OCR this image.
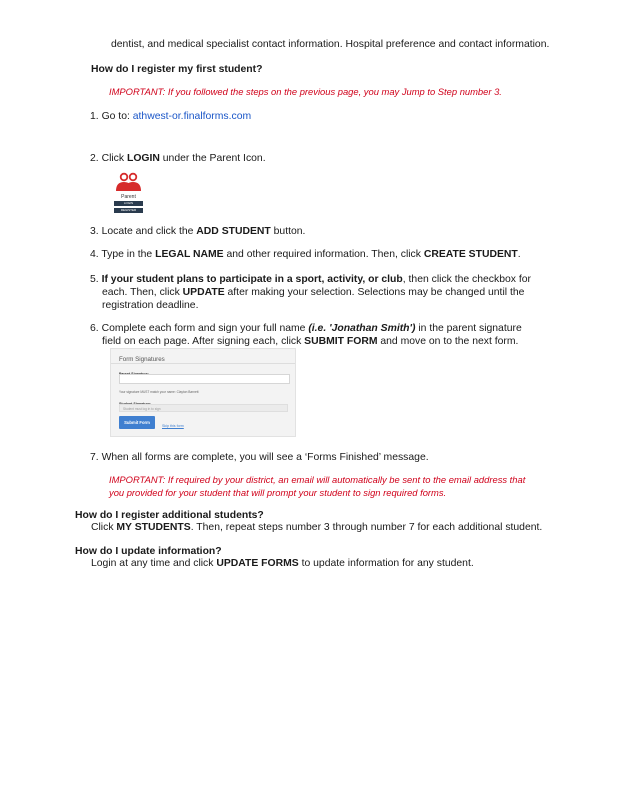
dentist, and medical specialist contact information. Hospital preference and contact information.
How do I register my first student?
IMPORTANT: If you followed the steps on the previous page, you may Jump to Step number 3.
1. Go to: athwest-or.finalforms.com
2. Click LOGIN under the Parent Icon.
Parent
LOGIN
REGISTER
3. Locate and click the ADD STUDENT button.
4. Type in the LEGAL NAME and other required information. Then, click CREATE STUDENT.
5. If your student plans to participate in a sport, activity, or club, then click the checkbox for each. Then, click UPDATE after making your selection. Selections may be changed until the registration deadline.
6. Complete each form and sign your full name (i.e. 'Jonathan Smith') in the parent signature field on each page. After signing each, click SUBMIT FORM and move on to the next form.
Form Signatures
Your signature MUST match your name: Clayton Barnett
Student must log in to sign
Submit Form
Skip this form
7. When all forms are complete, you will see a ‘Forms Finished’ message.
IMPORTANT: If required by your district, an email will automatically be sent to the email address that you provided for your student that will prompt your student to sign required forms.
How do I register additional students?
Click MY STUDENTS. Then, repeat steps number 3 through number 7 for each additional student.
How do I update information?
Login at any time and click UPDATE FORMS to update information for any student.
